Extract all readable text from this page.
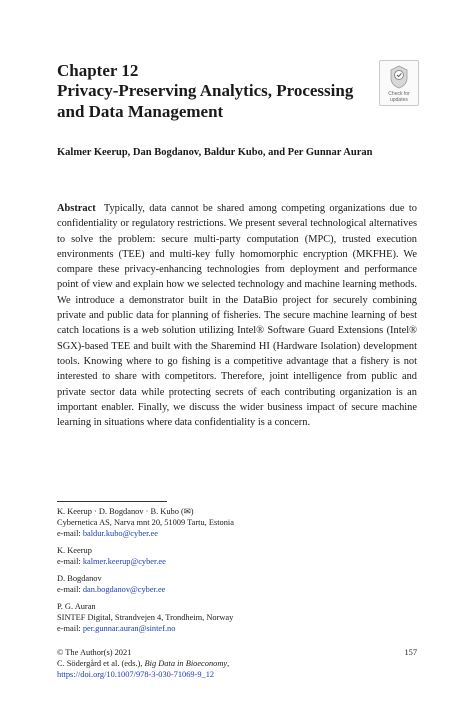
Chapter 12
Privacy-Preserving Analytics, Processing and Data Management
Check for
updates
Kalmer Keerup, Dan Bogdanov, Baldur Kubo, and Per Gunnar Auran
Abstract Typically, data cannot be shared among competing organizations due to confidentiality or regulatory restrictions. We present several technological alternatives to solve the problem: secure multi-party computation (MPC), trusted execution environments (TEE) and multi-key fully homomorphic encryption (MKFHE). We compare these privacy-enhancing technologies from deployment and performance point of view and explain how we selected technology and machine learning methods. We introduce a demonstrator built in the DataBio project for securely combining private and public data for planning of fisheries. The secure machine learning of best catch locations is a web solution utilizing Intel® Software Guard Extensions (Intel® SGX)-based TEE and built with the Sharemind HI (Hardware Isolation) development tools. Knowing where to go fishing is a competitive advantage that a fishery is not interested to share with competitors. Therefore, joint intelligence from public and private sector data while protecting secrets of each contributing organization is an important enabler. Finally, we discuss the wider business impact of secure machine learning in situations where data confidentiality is a concern.
K. Keerup · D. Bogdanov · B. Kubo (✉)
Cybernetica AS, Narva mnt 20, 51009 Tartu, Estonia
e-mail: baldur.kubo@cyber.ee
K. Keerup
e-mail: kalmer.keerup@cyber.ee
D. Bogdanov
e-mail: dan.bogdanov@cyber.ee
P. G. Auran
SINTEF Digital, Strandvejen 4, Trondheim, Norway
e-mail: per.gunnar.auran@sintef.no
© The Author(s) 2021
C. Södergård et al. (eds.), Big Data in Bioeconomy,
https://doi.org/10.1007/978-3-030-71069-9_12
157
